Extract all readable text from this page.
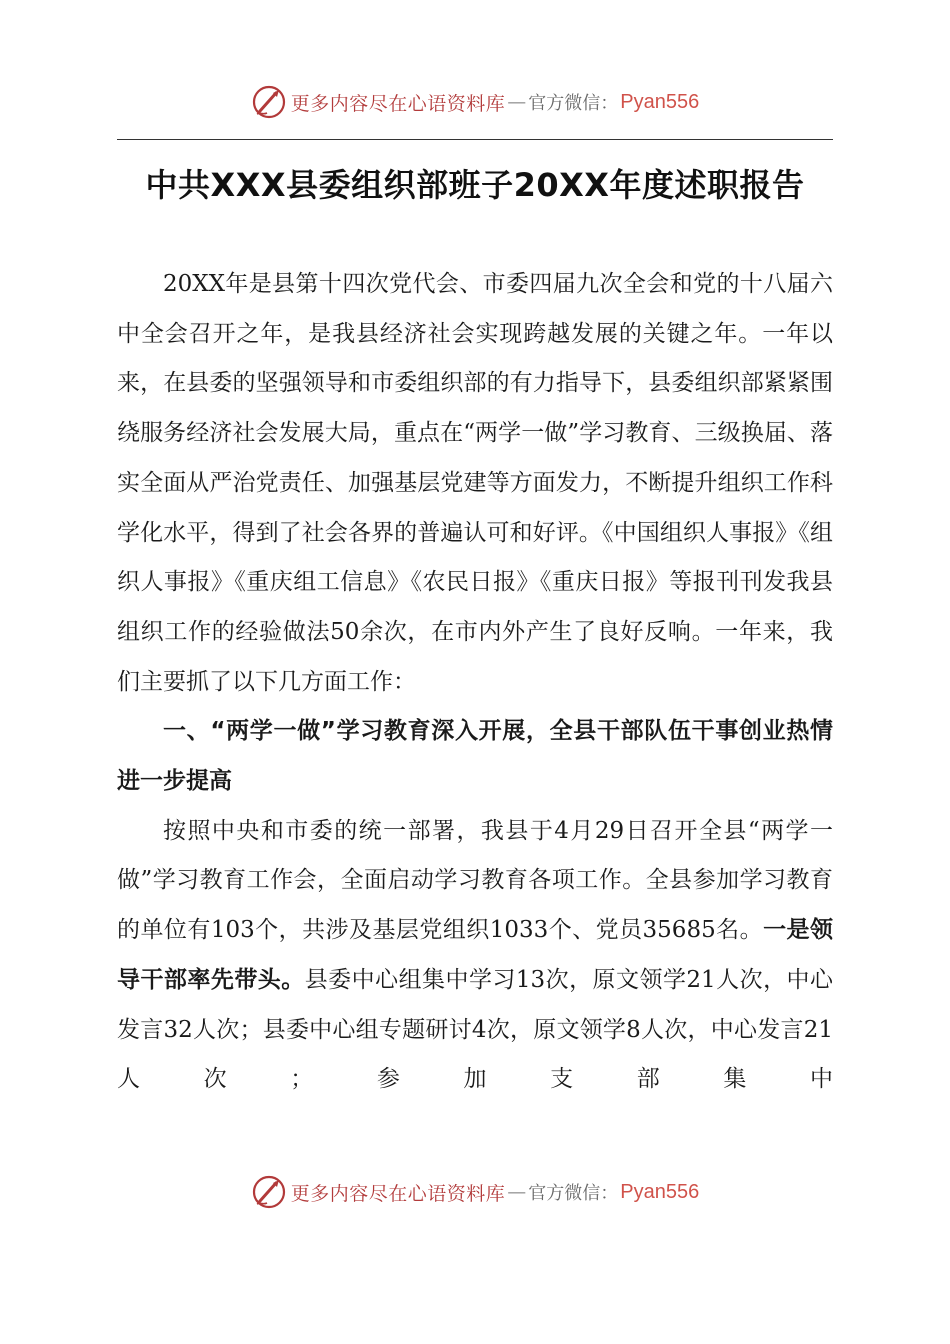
更多内容尽在心语资料库 — 官方微信： Pyan556
中共XXX县委组织部班子20XX年度述职报告

20XX年是县第十四次党代会、市委四届九次全会和党的十八届六中全会召开之年，是我县经济社会实现跨越发展的关键之年。一年以来，在县委的坚强领导和市委组织部的有力指导下，县委组织部紧紧围绕服务经济社会发展大局，重点在“两学一做”学习教育、三级换届、落实全面从严治党责任、加强基层党建等方面发力，不断提升组织工作科学化水平，得到了社会各界的普遍认可和好评。《中国组织人事报》《组织人事报》《重庆组工信息》《农民日报》《重庆日报》等报刊刊发我县组织工作的经验做法50余次，在市内外产生了良好反响。一年来，我们主要抓了以下几方面工作：

一、“两学一做”学习教育深入开展，全县干部队伍干事创业热情进一步提高

按照中央和市委的统一部署，我县于4月29日召开全县“两学一做”学习教育工作会，全面启动学习教育各项工作。全县参加学习教育的单位有103个，共涉及基层党组织1033个、党员35685名。一是领导干部率先带头。县委中心组集中学习13次，原文领学21人次，中心发言32人次；县委中心组专题研讨4次，原文领学8人次，中心发言21人次；参加支部集中

更多内容尽在心语资料库 — 官方微信： Pyan556
